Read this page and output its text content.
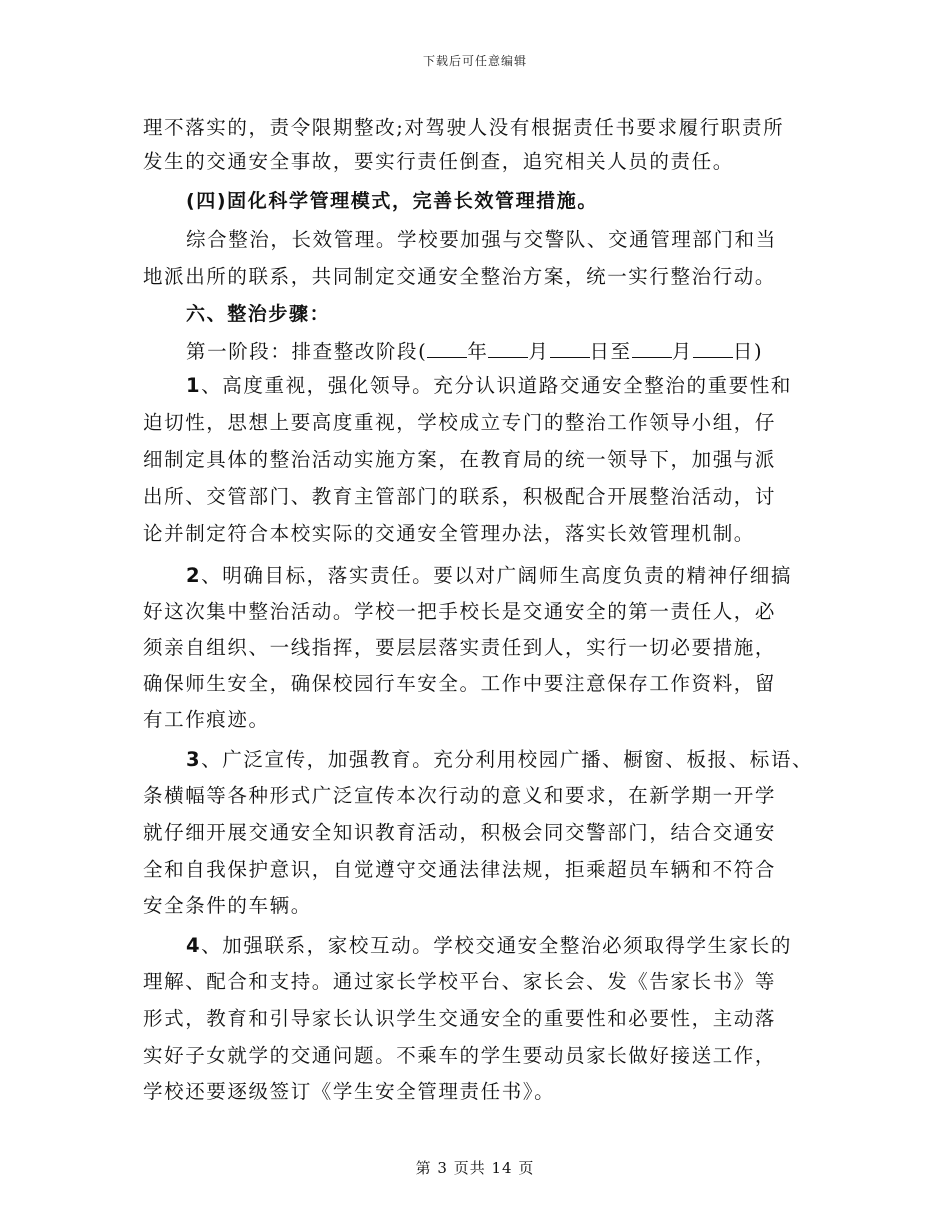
下载后可任意编辑
理不落实的，责令限期整改;对驾驶人没有根据责任书要求履行职责所
发生的交通安全事故，要实行责任倒查，追究相关人员的责任。
(四)固化科学管理模式，完善长效管理措施。
综合整治，长效管理。学校要加强与交警队、交通管理部门和当
地派出所的联系，共同制定交通安全整治方案，统一实行整治行动。
六、整治步骤：
第一阶段：排查整改阶段( 年 月 日至 月 日)
1、高度重视，强化领导。充分认识道路交通安全整治的重要性和
迫切性，思想上要高度重视，学校成立专门的整治工作领导小组，仔
细制定具体的整治活动实施方案，在教育局的统一领导下，加强与派
出所、交管部门、教育主管部门的联系，积极配合开展整治活动，讨
论并制定符合本校实际的交通安全管理办法，落实长效管理机制。
2、明确目标，落实责任。要以对广阔师生高度负责的精神仔细搞
好这次集中整治活动。学校一把手校长是交通安全的第一责任人，必
须亲自组织、一线指挥，要层层落实责任到人，实行一切必要措施，
确保师生安全，确保校园行车安全。工作中要注意保存工作资料，留
有工作痕迹。
3、广泛宣传，加强教育。充分利用校园广播、橱窗、板报、标语、
条横幅等各种形式广泛宣传本次行动的意义和要求，在新学期一开学
就仔细开展交通安全知识教育活动，积极会同交警部门，结合交通安
全和自我保护意识，自觉遵守交通法律法规，拒乘超员车辆和不符合
安全条件的车辆。
4、加强联系，家校互动。学校交通安全整治必须取得学生家长的
理解、配合和支持。通过家长学校平台、家长会、发《告家长书》等
形式，教育和引导家长认识学生交通安全的重要性和必要性，主动落
实好子女就学的交通问题。不乘车的学生要动员家长做好接送工作，
学校还要逐级签订《学生安全管理责任书》。
第 3 页共 14 页
